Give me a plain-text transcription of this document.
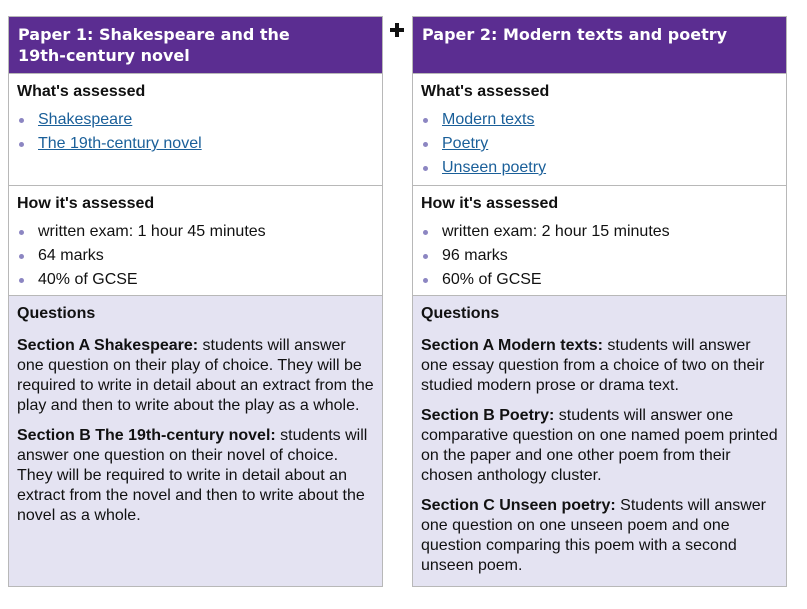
Paper 1: Shakespeare and the
19th-century novel
What's assessed
Shakespeare
The 19th-century novel
How it's assessed
written exam: 1 hour 45 minutes
64 marks
40% of GCSE
Questions

Section A Shakespeare: students will answer one question on their play of choice. They will be required to write in detail about an extract from the play and then to write about the play as a whole.

Section B The 19th-century novel: students will answer one question on their novel of choice. They will be required to write in detail about an extract from the novel and then to write about the novel as a whole.

Paper 2: Modern texts and poetry
What's assessed
Modern texts
Poetry
Unseen poetry
How it's assessed
written exam: 2 hour 15 minutes
96 marks
60% of GCSE
Questions

Section A Modern texts: students will answer one essay question from a choice of two on their studied modern prose or drama text.

Section B Poetry: students will answer one comparative question on one named poem printed on the paper and one other poem from their chosen anthology cluster.

Section C Unseen poetry: Students will answer one question on one unseen poem and one question comparing this poem with a second unseen poem.
